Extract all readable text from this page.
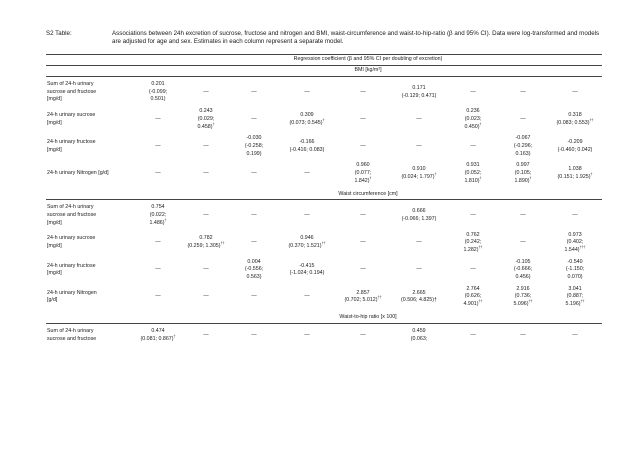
S2 Table:	Associations between 24h excretion of sucrose, fructose and nitrogen and BMI, waist-circumference and waist-to-hip-ratio (β and 95% CI). Data were log-transformed and models are adjusted for age and sex. Estimates in each column represent a separate model.
	Regression coefficient (β and 95% CI per doubling of excretion)								
	BMI [kg/m²]								

Sum of 24-h urinary
sucrose and fructose
[mg/d]	0.201
(-0.099;
0.501)	—	—	—	—	0.171
(-0.129; 0.471)	—	—	—

24-h urinary sucrose
[mg/d]	—	0.243
(0.029;
0.458)†	—	0.309
(0.073; 0.545)†	—	—	0.236
(0.023;
0.450)†	—	0.318
(0.083; 0.553)††

24-h urinary fructose
[mg/d]	—	—	-0.030
(-0.258;
0.199)	-0.166
(-0.416; 0.083)	—	—	—	-0.067
(-0.296;
0.163)	-0.209
(-0.460; 0.042)

24-h urinary Nitrogen [g/d]	—	—	—	—	0.960
(0.077;
1.842)†	0.910
(0.024; 1.797)†	0.931
(0.052;
1.810)†	0.997
(0.105;
1.890)†	1.038
(0.151; 1.925)†

	Waist circumference [cm]								

Sum of 24-h urinary
sucrose and fructose
[mg/d]	0.754
(0.022;
1.486)†	—	—	—	—	0.666
(-0.066; 1.397)	—	—	—

24-h urinary sucrose
[mg/d]	—	0.782
(0.259; 1.305)††	—	0.946
(0.370; 1.521)††	—	—	0.762
(0.242;
1.282)††	—	0.973
(0.402;
1.544)†††

24-h urinary fructose
[mg/d]	—	—	0.004
(-0.556;
0.563)	-0.415
(-1.024; 0.194)	—	—	—	-0.105
(-0.666;
0.456)	-0.540
(-1.150;
0.070)

24-h urinary Nitrogen
[g/d]	—	—	—	—	2.857
(0.702; 5.012)††	2.665
(0.506; 4.825)†	2.764
(0.626;
4.901)††	2.916
(0.736;
5.096)††	3.041
(0.887;
5.196)††

	Waist-to-hip ratio [x 100]								

Sum of 24-h urinary
sucrose and fructose	0.474
(0.081; 0.867)†	—	—	—	—	0.459
(0.063;	—	—	—
